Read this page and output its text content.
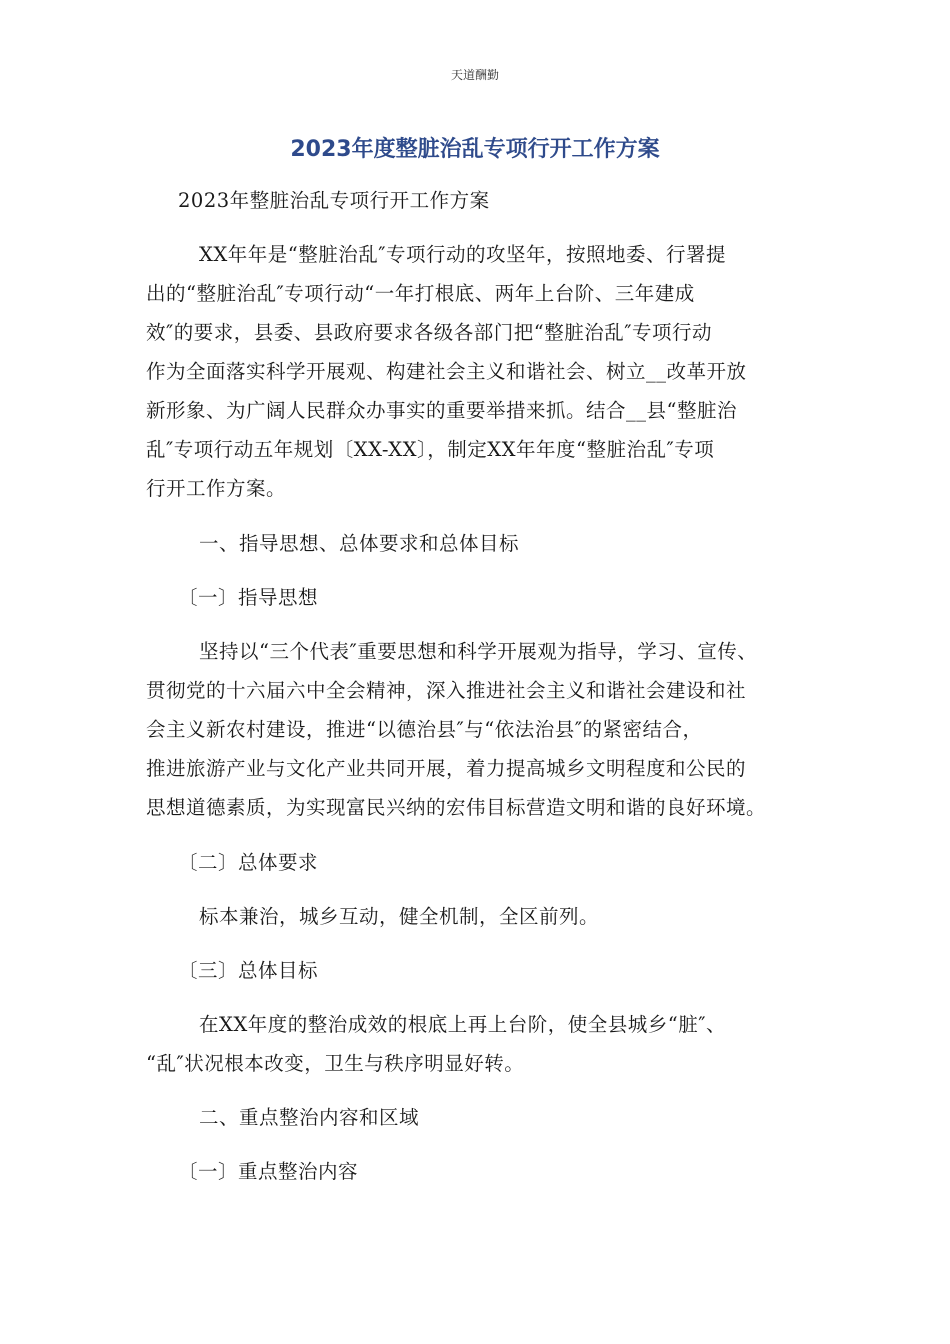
天道酬勤
2023年度整脏治乱专项行开工作方案
2023年整脏治乱专项行开工作方案
XX年年是“整脏治乱″专项行动的攻坚年，按照地委、行署提
出的“整脏治乱″专项行动“一年打根底、两年上台阶、三年建成
效″的要求，县委、县政府要求各级各部门把“整脏治乱″专项行动
作为全面落实科学开展观、构建社会主义和谐社会、树立__改革开放
新形象、为广阔人民群众办事实的重要举措来抓。结合__县“整脏治
乱″专项行动五年规划〔XX-XX〕，制定XX年年度“整脏治乱″专项
行开工作方案。
一、指导思想、总体要求和总体目标
〔一〕指导思想
坚持以“三个代表″重要思想和科学开展观为指导，学习、宣传、
贯彻党的十六届六中全会精神，深入推进社会主义和谐社会建设和社
会主义新农村建设，推进“以德治县″与“依法治县″的紧密结合，
推进旅游产业与文化产业共同开展，着力提高城乡文明程度和公民的
思想道德素质，为实现富民兴纳的宏伟目标营造文明和谐的良好环境。
〔二〕总体要求
标本兼治，城乡互动，健全机制，全区前列。
〔三〕总体目标
在XX年度的整治成效的根底上再上台阶，使全县城乡“脏″、
“乱″状况根本改变，卫生与秩序明显好转。
二、重点整治内容和区域
〔一〕重点整治内容
